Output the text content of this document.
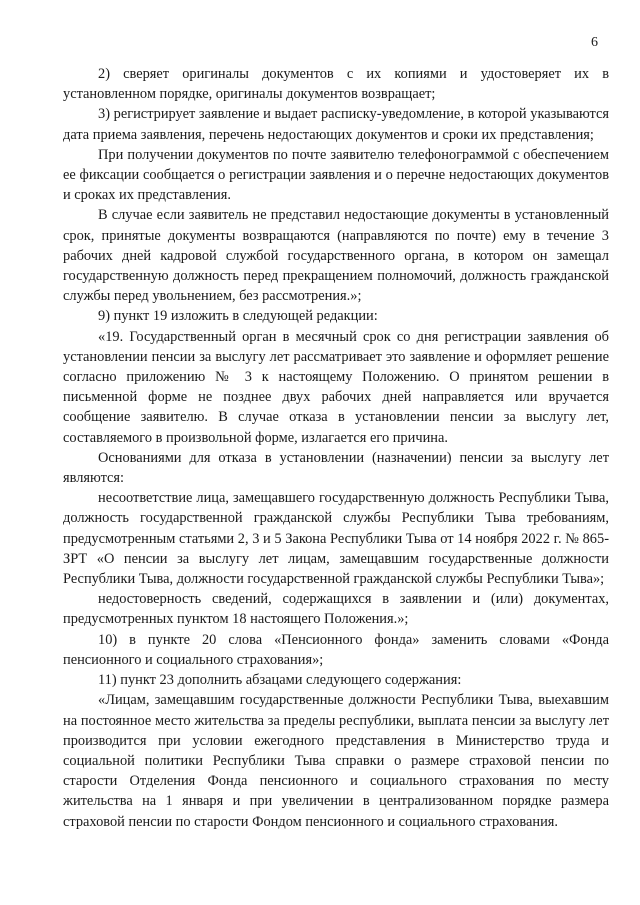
6

2) сверяет оригиналы документов с их копиями и удостоверяет их в установленном порядке, оригиналы документов возвращает;

3) регистрирует заявление и выдает расписку-уведомление, в которой указываются дата приема заявления, перечень недостающих документов и сроки их представления;

При получении документов по почте заявителю телефонограммой с обеспечением ее фиксации сообщается о регистрации заявления и о перечне недостающих документов и сроках их представления.

В случае если заявитель не представил недостающие документы в установленный срок, принятые документы возвращаются (направляются по почте) ему в течение 3 рабочих дней кадровой службой государственного органа, в котором он замещал государственную должность перед прекращением полномочий, должность гражданской службы перед увольнением, без рассмотрения.»;

9) пункт 19 изложить в следующей редакции:

«19. Государственный орган в месячный срок со дня регистрации заявления об установлении пенсии за выслугу лет рассматривает это заявление и оформляет решение согласно приложению № 3 к настоящему Положению. О принятом решении в письменной форме не позднее двух рабочих дней направляется или вручается сообщение заявителю. В случае отказа в установлении пенсии за выслугу лет, составляемого в произвольной форме, излагается его причина.

Основаниями для отказа в установлении (назначении) пенсии за выслугу лет являются:

несоответствие лица, замещавшего государственную должность Республики Тыва, должность государственной гражданской службы Республики Тыва требованиям, предусмотренным статьями 2, 3 и 5 Закона Республики Тыва от 14 ноября 2022 г. № 865-ЗРТ «О пенсии за выслугу лет лицам, замещавшим государственные должности Республики Тыва, должности государственной гражданской службы Республики Тыва»;

недостоверность сведений, содержащихся в заявлении и (или) документах, предусмотренных пунктом 18 настоящего Положения.»;

10) в пункте 20 слова «Пенсионного фонда» заменить словами «Фонда пенсионного и социального страхования»;

11) пункт 23 дополнить абзацами следующего содержания:

«Лицам, замещавшим государственные должности Республики Тыва, выехавшим на постоянное место жительства за пределы республики, выплата пенсии за выслугу лет производится при условии ежегодного представления в Министерство труда и социальной политики Республики Тыва справки о размере страховой пенсии по старости Отделения Фонда пенсионного и социального страхования по месту жительства на 1 января и при увеличении в централизованном порядке размера страховой пенсии по старости Фондом пенсионного и социального страхования.
